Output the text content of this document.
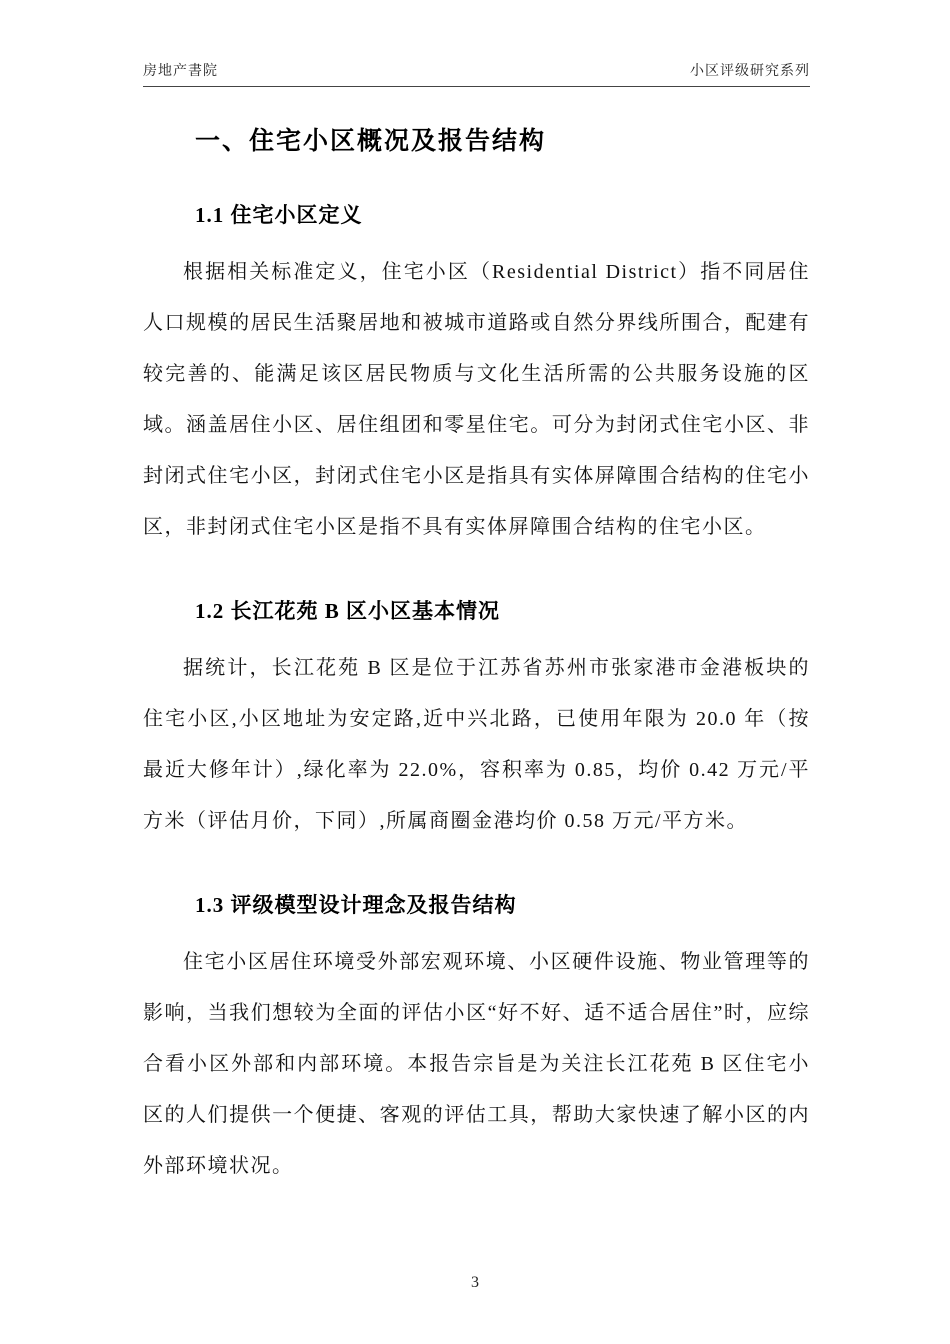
房地产書院	小区评级研究系列
一、住宅小区概况及报告结构
1.1 住宅小区定义

根据相关标准定义，住宅小区（Residential District）指不同居住人口规模的居民生活聚居地和被城市道路或自然分界线所围合，配建有较完善的、能满足该区居民物质与文化生活所需的公共服务设施的区域。涵盖居住小区、居住组团和零星住宅。可分为封闭式住宅小区、非封闭式住宅小区，封闭式住宅小区是指具有实体屏障围合结构的住宅小区，非封闭式住宅小区是指不具有实体屏障围合结构的住宅小区。

1.2 长江花苑 B 区小区基本情况

据统计，长江花苑 B 区是位于江苏省苏州市张家港市金港板块的住宅小区,小区地址为安定路,近中兴北路，已使用年限为 20.0 年（按最近大修年计）,绿化率为 22.0%，容积率为 0.85，均价 0.42 万元/平方米（评估月价，下同）,所属商圈金港均价 0.58 万元/平方米。

1.3 评级模型设计理念及报告结构

住宅小区居住环境受外部宏观环境、小区硬件设施、物业管理等的影响，当我们想较为全面的评估小区“好不好、适不适合居住”时，应综合看小区外部和内部环境。本报告宗旨是为关注长江花苑 B 区住宅小区的人们提供一个便捷、客观的评估工具，帮助大家快速了解小区的内外部环境状况。

3
